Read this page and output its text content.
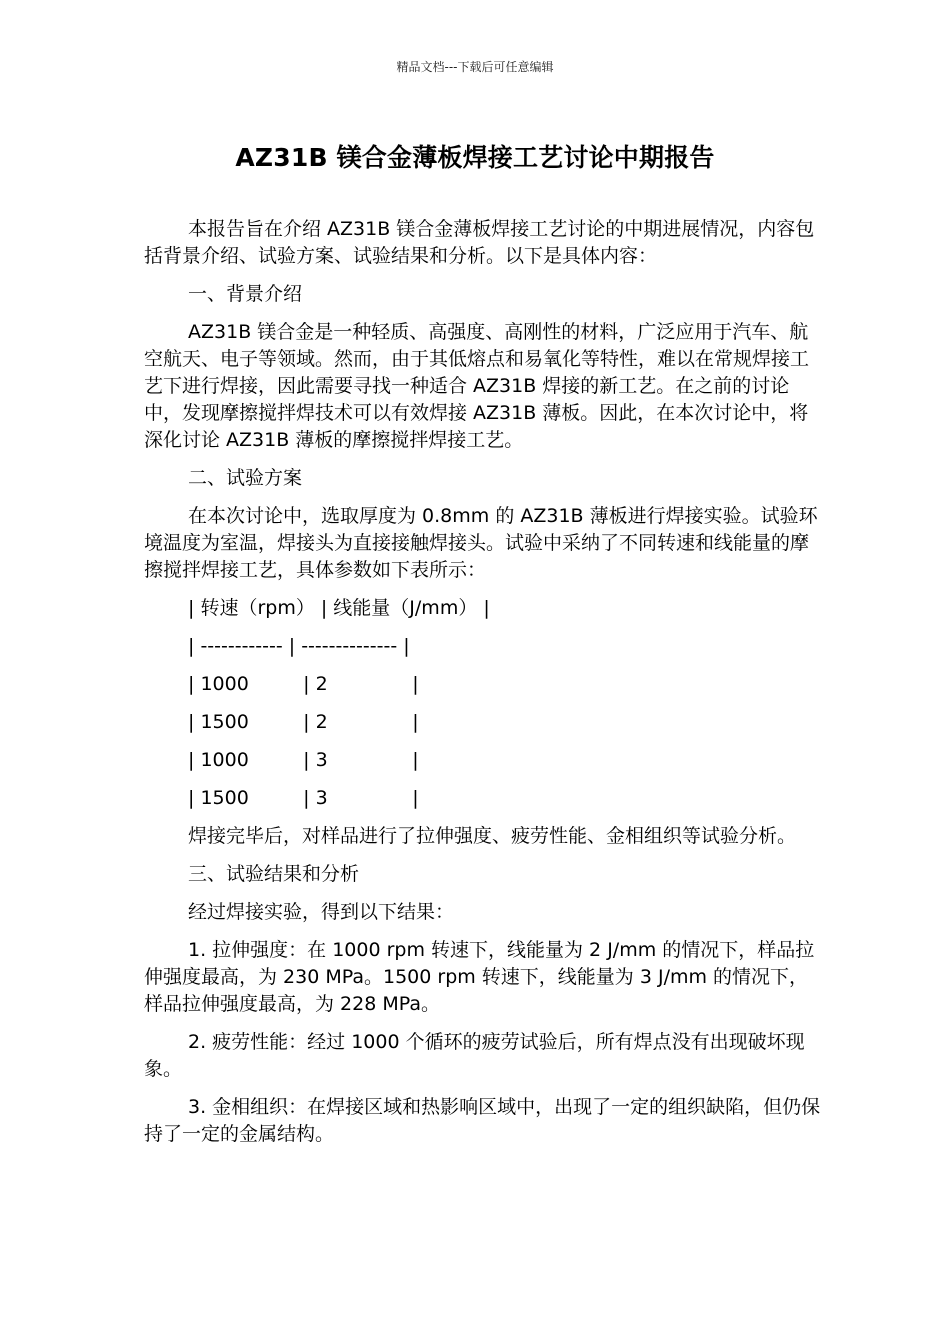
精品文档---下载后可任意编辑
AZ31B 镁合金薄板焊接工艺讨论中期报告

本报告旨在介绍 AZ31B 镁合金薄板焊接工艺讨论的中期进展情况，内容包括背景介绍、试验方案、试验结果和分析。以下是具体内容：

一、背景介绍

AZ31B 镁合金是一种轻质、高强度、高刚性的材料，广泛应用于汽车、航空航天、电子等领域。然而，由于其低熔点和易氧化等特性，难以在常规焊接工艺下进行焊接，因此需要寻找一种适合 AZ31B 焊接的新工艺。在之前的讨论中，发现摩擦搅拌焊技术可以有效焊接 AZ31B 薄板。因此，在本次讨论中，将深化讨论 AZ31B 薄板的摩擦搅拌焊接工艺。

二、试验方案

在本次讨论中，选取厚度为 0.8mm 的 AZ31B 薄板进行焊接实验。试验环境温度为室温，焊接头为直接接触焊接头。试验中采纳了不同转速和线能量的摩擦搅拌焊接工艺，具体参数如下表所示：

| 转速（rpm） | 线能量（J/mm） |
| ------------ | -------------- |
| 1000         | 2              |
| 1500         | 2              |
| 1000         | 3              |
| 1500         | 3              |

焊接完毕后，对样品进行了拉伸强度、疲劳性能、金相组织等试验分析。

三、试验结果和分析

经过焊接实验，得到以下结果：

1. 拉伸强度：在 1000 rpm 转速下，线能量为 2 J/mm 的情况下，样品拉伸强度最高，为 230 MPa。1500 rpm 转速下，线能量为 3 J/mm 的情况下，样品拉伸强度最高，为 228 MPa。

2. 疲劳性能：经过 1000 个循环的疲劳试验后，所有焊点没有出现破坏现象。

3. 金相组织：在焊接区域和热影响区域中，出现了一定的组织缺陷，但仍保持了一定的金属结构。
